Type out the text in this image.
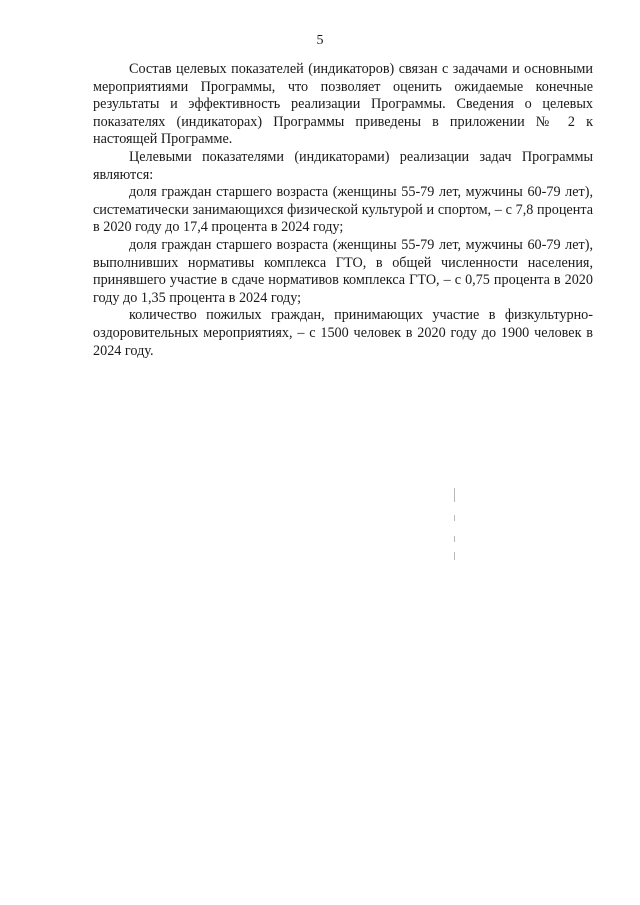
5

Состав целевых показателей (индикаторов) связан с задачами и основными мероприятиями Программы, что позволяет оценить ожидаемые конечные результаты и эффективность реализации Программы. Сведения о целевых показателях (индикаторах) Программы приведены в приложении № 2 к настоящей Программе.

Целевыми показателями (индикаторами) реализации задач Программы являются:

доля граждан старшего возраста (женщины 55-79 лет, мужчины 60-79 лет), систематически занимающихся физической культурой и спортом, – с 7,8 процента в 2020 году до 17,4 процента в 2024 году;

доля граждан старшего возраста (женщины 55-79 лет, мужчины 60-79 лет), выполнивших нормативы комплекса ГТО, в общей численности населения, принявшего участие в сдаче нормативов комплекса ГТО, – с 0,75 процента в 2020 году до 1,35 процента в 2024 году;

количество пожилых граждан, принимающих участие в физкультурно-оздоровительных мероприятиях, – с 1500 человек в 2020 году до 1900 человек в 2024 году.
